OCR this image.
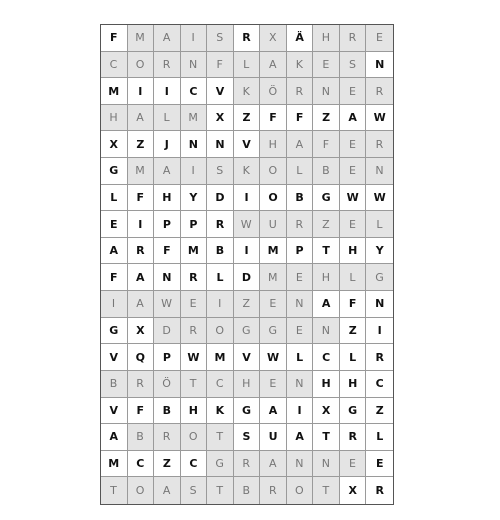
F	M	A	I	S	R	X	Ä	H	R	E
C	O	R	N	F	L	A	K	E	S	N
M	I	I	C	V	K	Ö	R	N	E	R
H	A	L	M	X	Z	F	F	Z	A	W
X	Z	J	N	N	V	H	A	F	E	R
G	M	A	I	S	K	O	L	B	E	N
L	F	H	Y	D	I	O	B	G	W	W
E	I	P	P	R	W	U	R	Z	E	L
A	R	F	M	B	I	M	P	T	H	Y
F	A	N	R	L	D	M	E	H	L	G
I	A	W	E	I	Z	E	N	A	F	N
G	X	D	R	O	G	G	E	N	Z	I
V	Q	P	W	M	V	W	L	C	L	R
B	R	Ö	T	C	H	E	N	H	H	C
V	F	B	H	K	G	A	I	X	G	Z
A	B	R	O	T	S	U	A	T	R	L
M	C	Z	C	G	R	A	N	N	E	E
T	O	A	S	T	B	R	O	T	X	R
